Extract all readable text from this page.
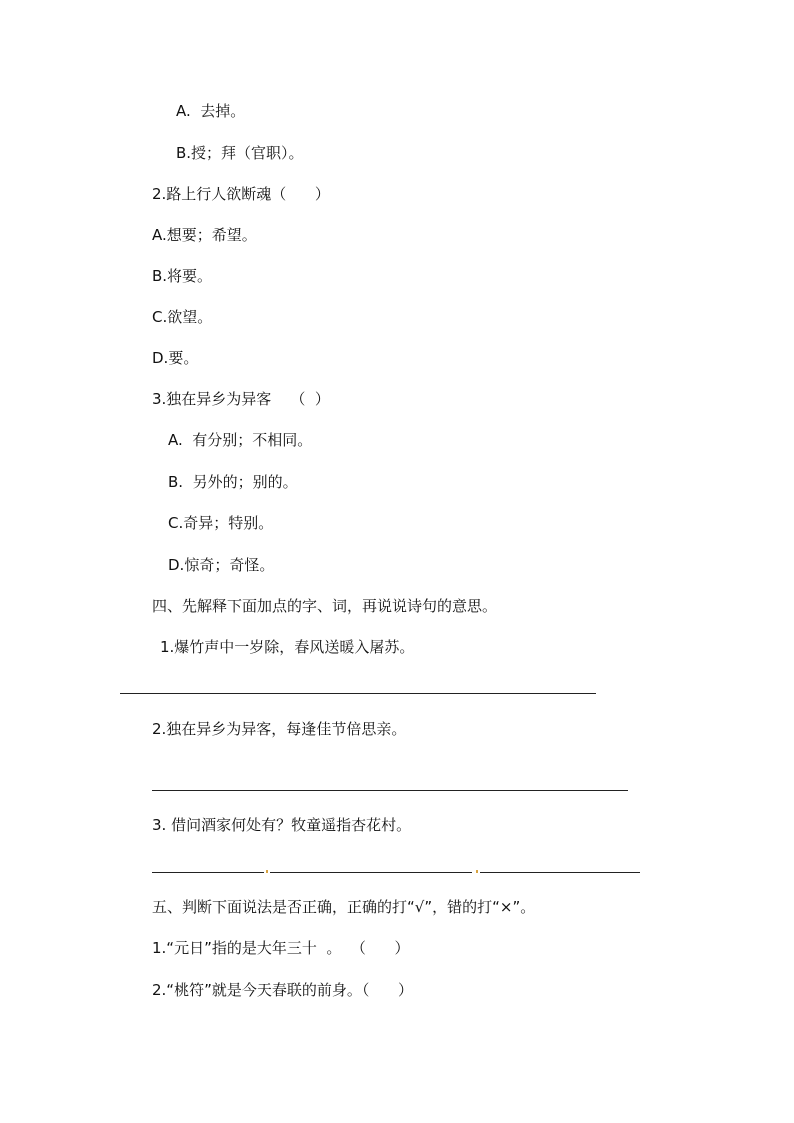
A.  去掉。
B.授；拜（官职）。
2.路上行人欲断魂（      ）
A.想要；希望。
B.将要。
C.欲望。
D.要。
3.独在异乡为异客    （  ）
A.  有分别；不相同。
B.  另外的；别的。
C.奇异；特别。
D.惊奇；奇怪。
四、先解释下面加点的字、词，再说说诗句的意思。
1.爆竹声中一岁除，春风送暖入屠苏。
2.独在异乡为异客，每逢佳节倍思亲。
3. 借问酒家何处有？牧童遥指杏花村。
五、判断下面说法是否正确，正确的打“√”，错的打“×”。
1.“元日”指的是大年三十  。  （      ）
2.“桃符”就是今天春联的前身。（      ）
